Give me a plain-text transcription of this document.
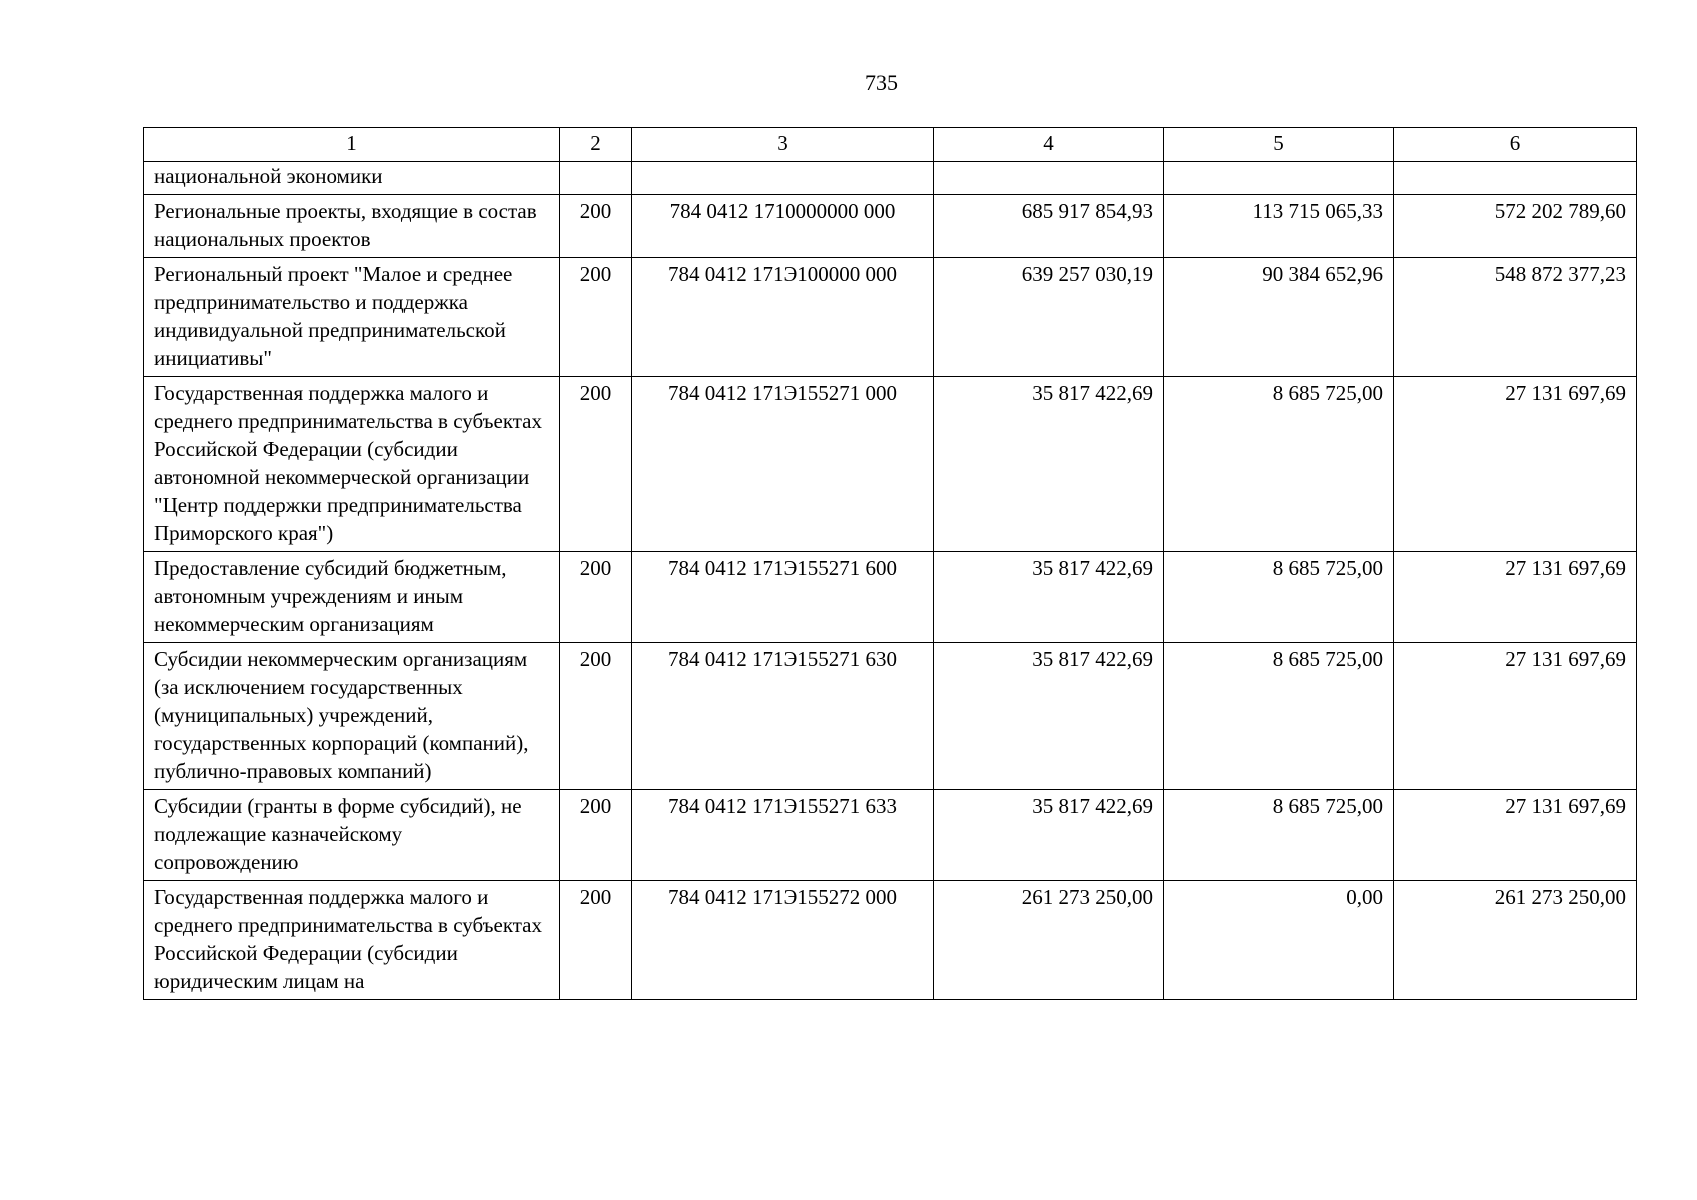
735
1	2	3	4	5	6
национальной экономики					
Региональные проекты, входящие в состав национальных проектов	200	784 0412 1710000000 000	685 917 854,93	113 715 065,33	572 202 789,60
Региональный проект "Малое и среднее предпринимательство и поддержка индивидуальной предпринимательской инициативы"	200	784 0412 171Э100000 000	639 257 030,19	90 384 652,96	548 872 377,23
Государственная поддержка малого и среднего предпринимательства в субъектах Российской Федерации (субсидии автономной некоммерческой организации "Центр поддержки предпринимательства Приморского края")	200	784 0412 171Э155271 000	35 817 422,69	8 685 725,00	27 131 697,69
Предоставление субсидий бюджетным, автономным учреждениям и иным некоммерческим организациям	200	784 0412 171Э155271 600	35 817 422,69	8 685 725,00	27 131 697,69
Субсидии некоммерческим организациям (за исключением государственных (муниципальных) учреждений, государственных корпораций (компаний), публично-правовых компаний)	200	784 0412 171Э155271 630	35 817 422,69	8 685 725,00	27 131 697,69
Субсидии (гранты в форме субсидий), не подлежащие казначейскому сопровождению	200	784 0412 171Э155271 633	35 817 422,69	8 685 725,00	27 131 697,69
Государственная поддержка малого и среднего предпринимательства в субъектах Российской Федерации (субсидии юридическим лицам на	200	784 0412 171Э155272 000	261 273 250,00	0,00	261 273 250,00
